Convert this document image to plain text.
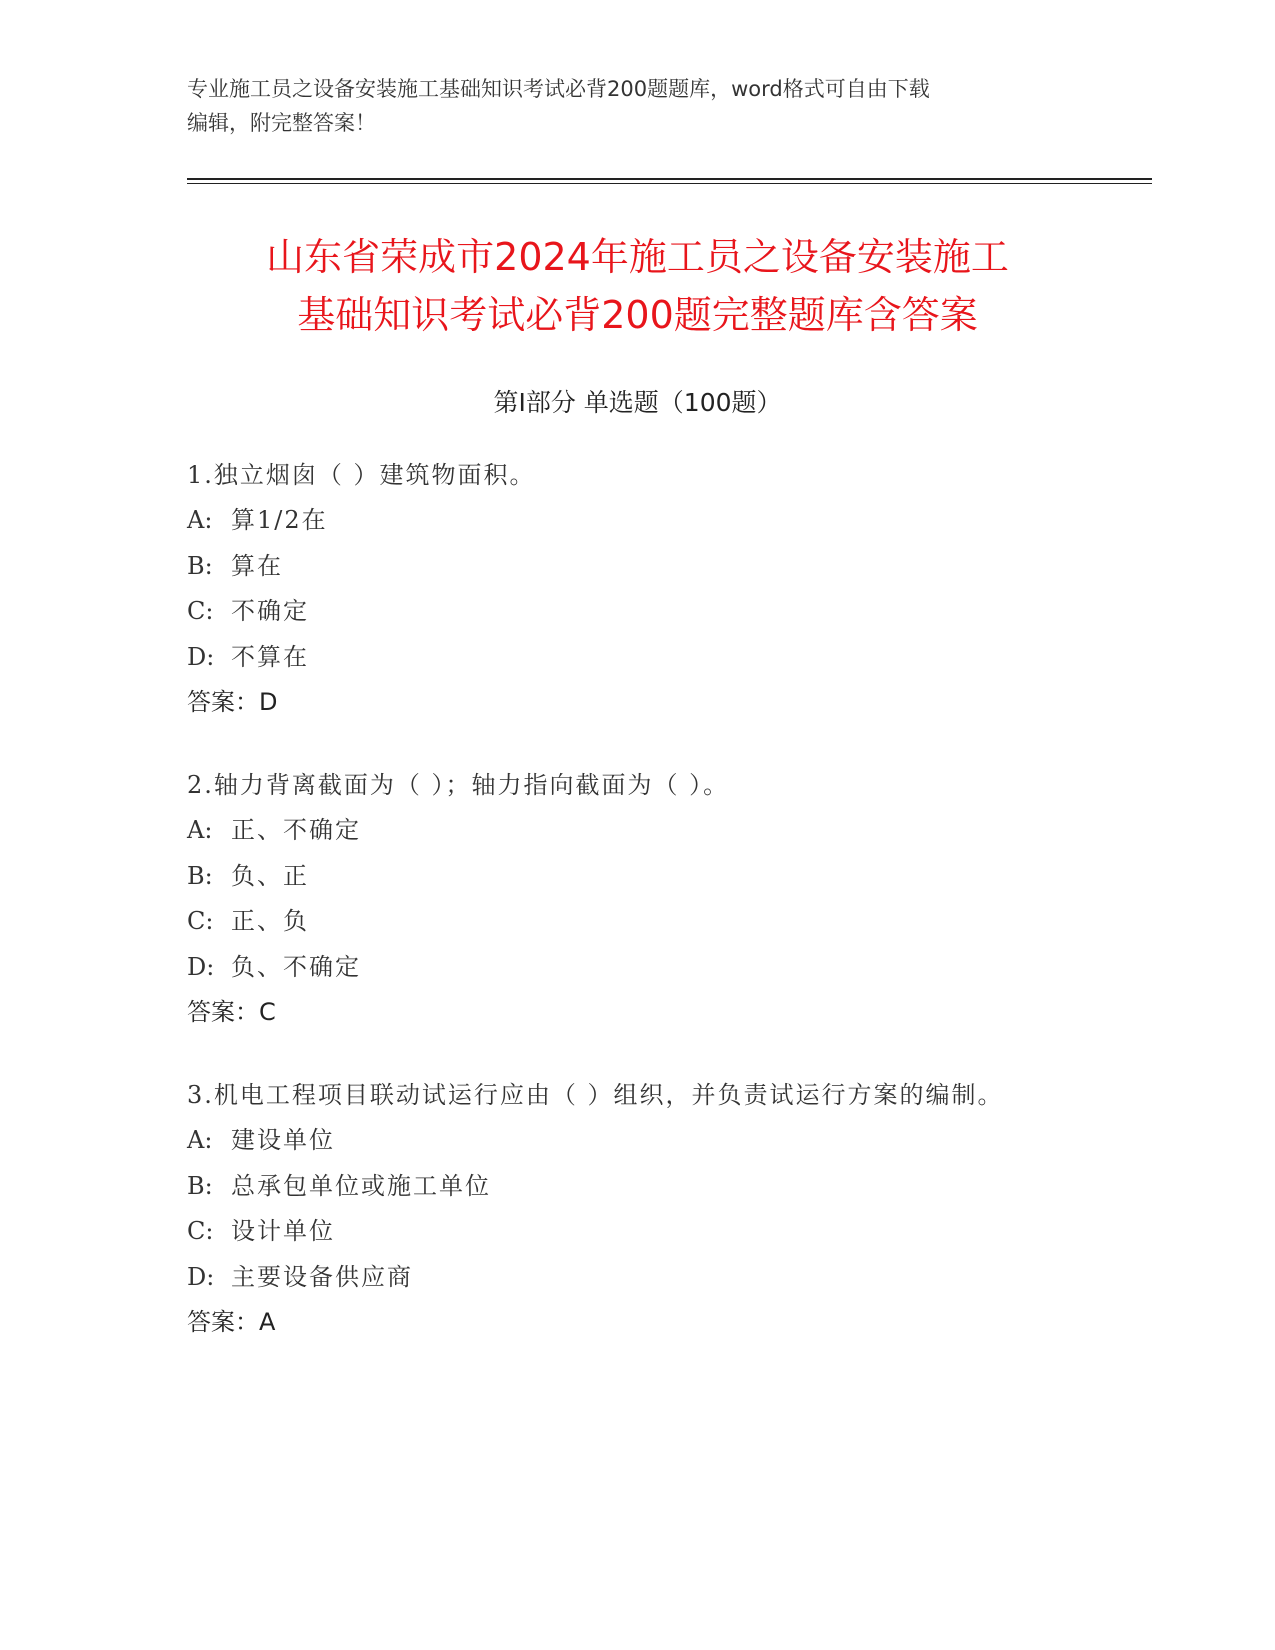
专业施工员之设备安装施工基础知识考试必背200题题库，word格式可自由下载
编辑，附完整答案！
山东省荣成市2024年施工员之设备安装施工
基础知识考试必背200题完整题库含答案
第Ⅰ部分 单选题（100题）
1.独立烟囱（ ）建筑物面积。
A: 算1/2在
B: 算在
C: 不确定
D: 不算在
答案：D
2.轴力背离截面为（ ）；轴力指向截面为（ ）。
A: 正、不确定
B: 负、正
C: 正、负
D: 负、不确定
答案：C
3.机电工程项目联动试运行应由（ ）组织，并负责试运行方案的编制。
A: 建设单位
B: 总承包单位或施工单位
C: 设计单位
D: 主要设备供应商
答案：A
